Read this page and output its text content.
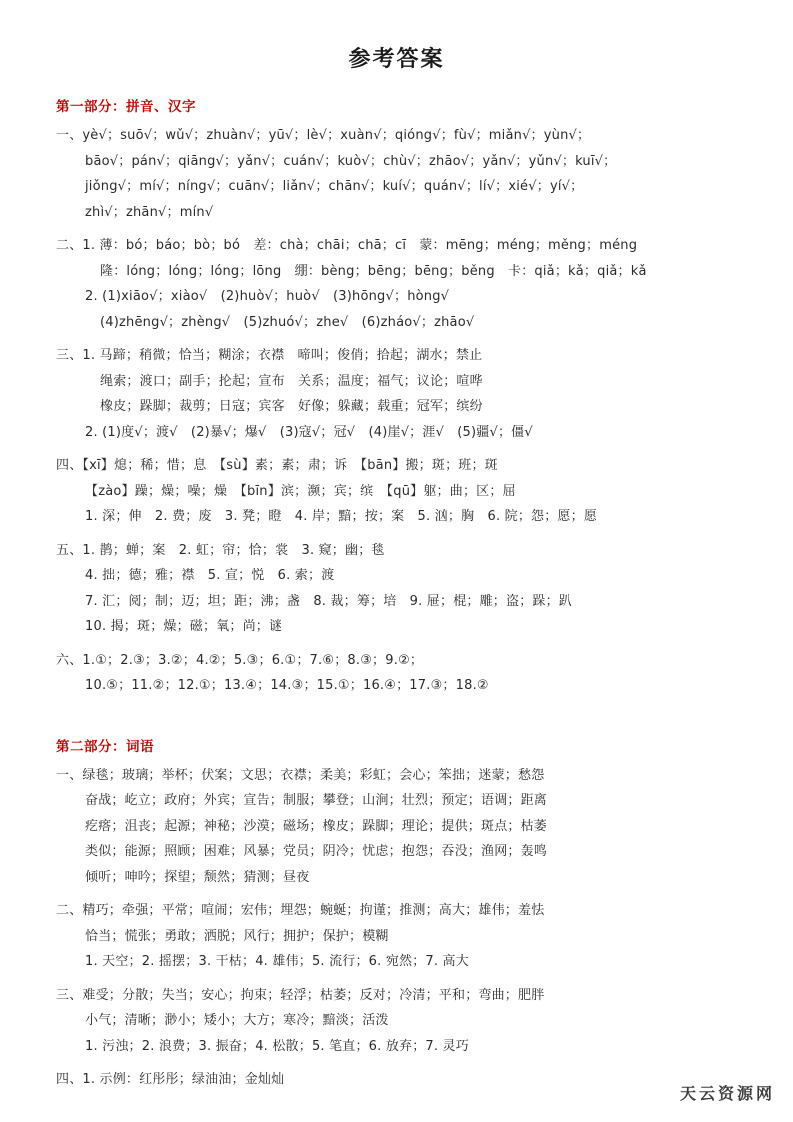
参考答案
第一部分：拼音、汉字
一、yè√；suō√；wǔ√；zhuàn√；yū√；lè√；xuàn√；qióng√；fù√；miǎn√；yùn√；
bāo√；pán√；qiāng√；yǎn√；cuán√；kuò√；chù√；zhāo√；yǎn√；yǔn√；kuī√；
jiǒng√；mí√；níng√；cuān√；liǎn√；chān√；kuí√；quán√；lí√；xié√；yí√；
zhì√；zhān√；mín√
二、1. 薄：bó；báo；bò；bó　差：chà；chāi；chā；cī　蒙：mēng；méng；měng；méng
隆：lóng；lóng；lóng；lōng　绷：bèng；bēng；bēng；běng　卡：qiǎ；kǎ；qiǎ；kǎ
2. (1)xiāo√；xiào√　(2)huò√；huò√　(3)hōng√；hòng√
(4)zhēng√；zhèng√　(5)zhuó√；zhe√　(6)zháo√；zhāo√
三、1. 马蹄；稍微；恰当；糊涂；衣襟　啼叫；俊俏；拾起；湖水；禁止
绳索；渡口；副手；抡起；宣布　关系；温度；福气；议论；喧哗
橡皮；跺脚；裁剪；日寇；宾客　好像；躲藏；载重；冠军；缤纷
2. (1)度√；渡√　(2)暴√；爆√　(3)寇√；冠√　(4)崖√；涯√　(5)疆√；僵√
四、【xī】熄；稀；惜；息　【sù】素；素；肃；诉　【bān】搬；斑；班；斑
【zào】躁；燥；噪；燥　【bīn】滨；濒；宾；缤　【qū】躯；曲；区；屈
1. 深；伸　2. 费；废　3. 凳；瞪　4. 岸；黯；按；案　5. 汹；胸　6. 院；怨；愿；愿
五、1. 鹊；蝉；案　2. 虹；帘；恰；裳　3. 窥；幽；毯
4. 拙；德；雅；襟　5. 宣；悦　6. 索；渡
7. 汇；阅；制；迈；坦；距；沸；盏　8. 裁；筹；培　9. 屉；棍；雕；盗；跺；趴
10. 揭；斑；燥；磁；氧；尚；谜
六、1.①；2.③；3.②；4.②；5.③；6.①；7.⑥；8.③；9.②；
10.⑤；11.②；12.①；13.④；14.③；15.①；16.④；17.③；18.②
第二部分：词语
一、绿毯；玻璃；举杯；伏案；文思；衣襟；柔美；彩虹；会心；笨拙；迷蒙；愁怨
奋战；屹立；政府；外宾；宣告；制服；攀登；山涧；壮烈；预定；语调；距离
疙瘩；沮丧；起源；神秘；沙漠；磁场；橡皮；跺脚；理论；提供；斑点；枯萎
类似；能源；照顾；困难；风暴；党员；阴冷；忧虑；抱怨；吞没；渔网；轰鸣
倾听；呻吟；探望；颓然；猜测；昼夜
二、精巧；牵强；平常；喧闹；宏伟；埋怨；蜿蜒；拘谨；推测；高大；雄伟；羞怯
恰当；慌张；勇敢；洒脱；风行；拥护；保护；模糊
1. 天空；2. 摇摆；3. 干枯；4. 雄伟；5. 流行；6. 宛然；7. 高大
三、难受；分散；失当；安心；拘束；轻浮；枯萎；反对；冷清；平和；弯曲；肥胖
小气；清晰；渺小；矮小；大方；寒冷；黯淡；活泼
1. 污浊；2. 浪费；3. 振奋；4. 松散；5. 笔直；6. 放弃；7. 灵巧
四、1. 示例：红彤彤；绿油油；金灿灿
天云资源网
